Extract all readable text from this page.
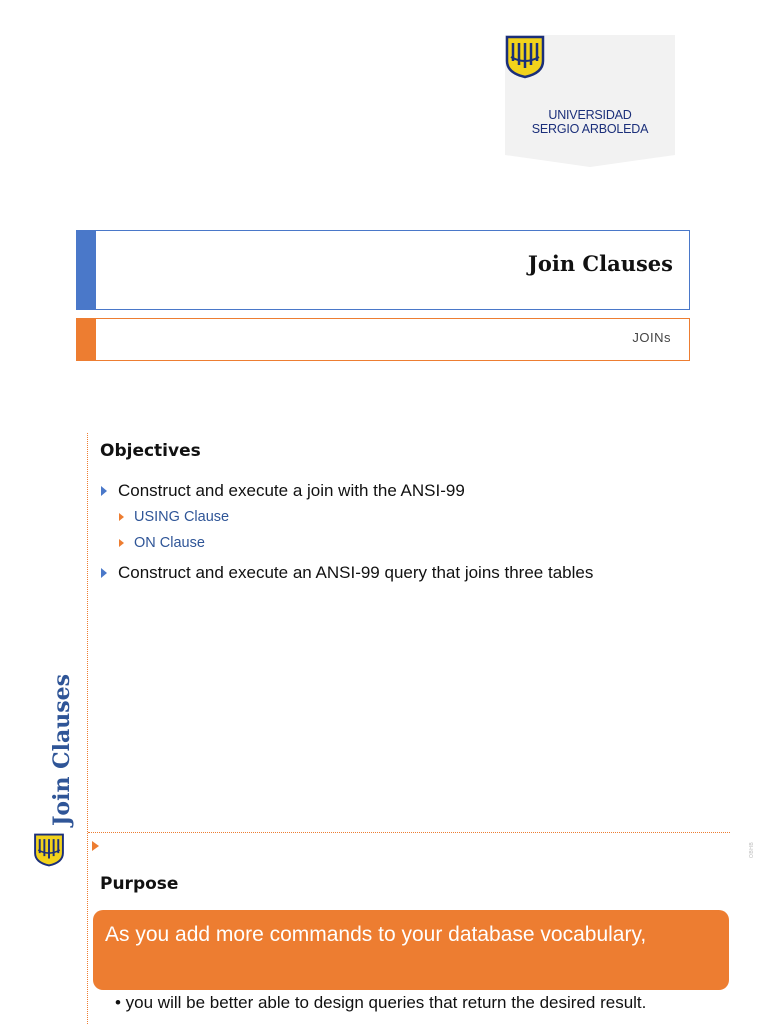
UNIVERSIDAD
SERGIO ARBOLEDA
Join Clauses
JOINs
Join Clauses
OBHB
Objectives
Construct and execute a join with the ANSI-99
USING Clause
ON Clause
Construct and execute an ANSI-99 query that joins three tables
Purpose
As you add more commands to your database vocabulary,
• you will be better able to design queries that return the desired result.
